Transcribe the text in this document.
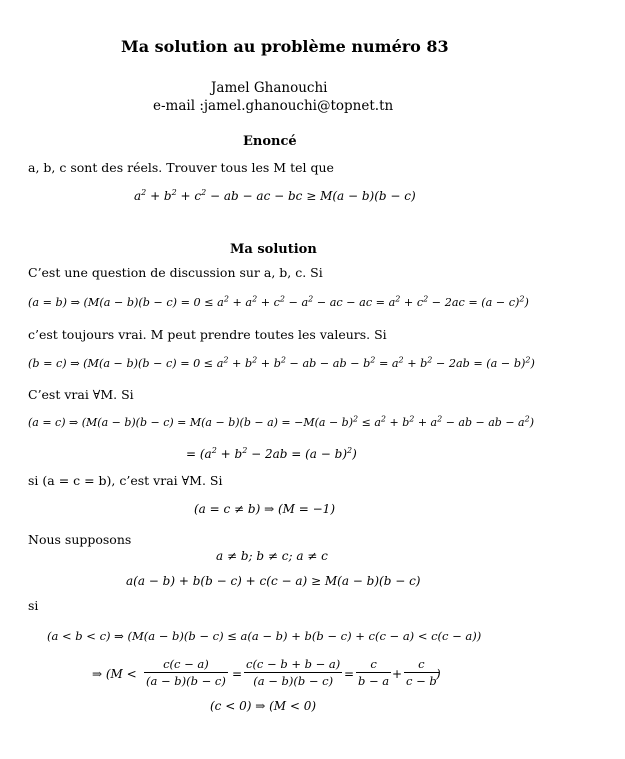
Ma solution au problème numéro 83
Jamel Ghanouchi
e-mail :jamel.ghanouchi@topnet.tn
Enoncé
a, b, c sont des réels. Trouver tous les M tel que
$a^2 + b^2 + c^2$ − ab − ac − bc ≥ M(a − b)(b − c)
Ma solution
C’est une question de discussion sur a, b, c. Si
(a = b) ⇒ ($M(a - b)(b - c) = 0 \le a^2 + a^2 + c^2 - a^2$ − ac − ac = $a^2 + c^2 - 2ac = (a - c)^2$)
c’est toujours vrai. M peut prendre toutes les valeurs. Si
(b = c) ⇒ ($M(a - b)(b - c) = 0 \le a^2 + b^2 + b^2$ − ab − ab − $b^2 = a^2 + b^2 - 2ab = (a - b)^2$)
C’est vrai ∀M. Si
(a = c) ⇒ ($M(a - b)(b - c) = M(a - b)(b - a) = -M(a - b)^2 \le a^2 + b^2 + a^2$ − ab − ab − $a^2$)
= $(a^2 + b^2 - 2ab = (a - b)^2)$
si (a = c = b), c’est vrai ∀M. Si
(a = c ≠ b) ⇒ (M = −1)
Nous supposons
a ≠ b; b ≠ c; a ≠ c
a(a − b) + b(b − c) + c(c − a) ≥ M(a − b)(b − c)
si
(a < b < c) ⇒ (M(a − b)(b − c) ≤ a(a − b) + b(b − c) + c(c − a) < c(c − a))
⇒ ($M < \frac{c(c - a)}{(a - b)(b - c)} = \frac{c(c - b + b - a)}{(a - b)(b - c)} = \frac{c}{b - a} + \frac{c}{c - b}$
)
(c < 0) ⇒ (M < 0)
